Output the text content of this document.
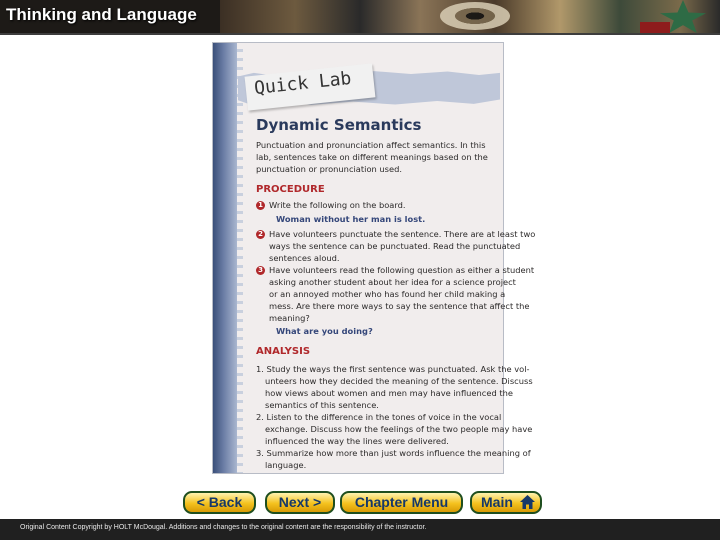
Thinking and Language
Quick Lab
Dynamic Semantics
Punctuation and pronunciation affect semantics. In this
lab, sentences take on different meanings based on the
punctuation or pronunciation used.
PROCEDURE
1 Write the following on the board.
Woman without her man is lost.
2 Have volunteers punctuate the sentence. There are at least two
ways the sentence can be punctuated. Read the punctuated
sentences aloud.
3 Have volunteers read the following question as either a student
asking another student about her idea for a science project
or an annoyed mother who has found her child making a
mess. Are there more ways to say the sentence that affect the
meaning?
What are you doing?
ANALYSIS
1. Study the ways the first sentence was punctuated. Ask the vol-
unteers how they decided the meaning of the sentence. Discuss
how views about women and men may have influenced the
semantics of this sentence.
2. Listen to the difference in the tones of voice in the vocal
exchange. Discuss how the feelings of the two people may have
influenced the way the lines were delivered.
3. Summarize how more than just words influence the meaning of
language.
< Back	Next >	Chapter Menu	Main
Original Content Copyright by HOLT McDougal. Additions and changes to the original content are the responsibility of the instructor.
